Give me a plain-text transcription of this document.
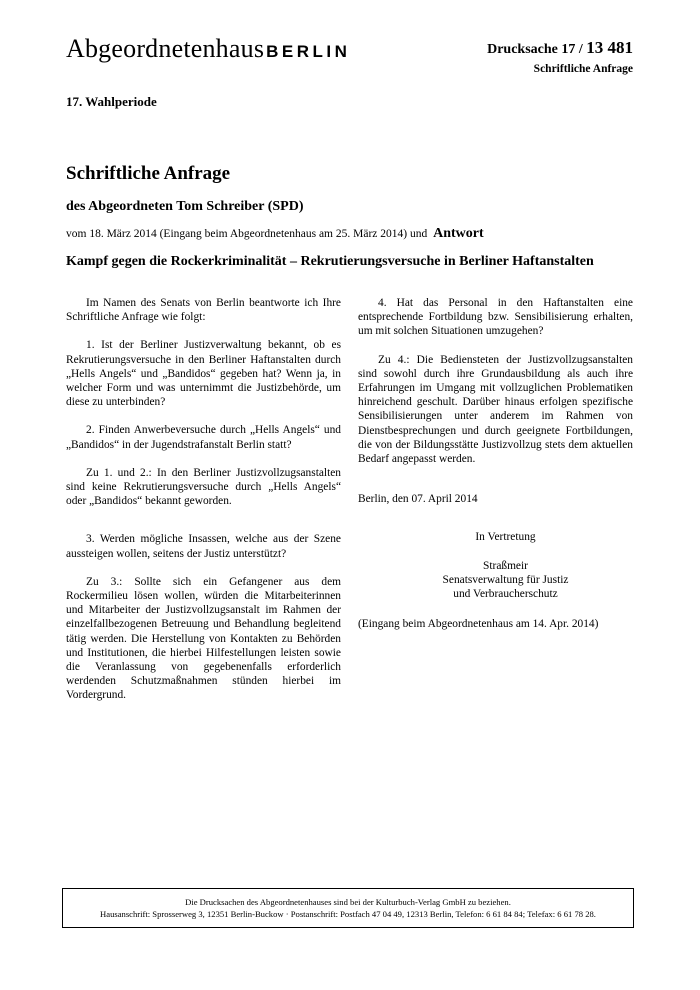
Abgeordnetenhaus BERLIN	Drucksache 17 / 13 481
Schriftliche Anfrage
17. Wahlperiode
Schriftliche Anfrage
des Abgeordneten Tom Schreiber (SPD)
vom 18. März 2014 (Eingang beim Abgeordnetenhaus am 25. März 2014) und Antwort
Kampf gegen die Rockerkriminalität – Rekrutierungsversuche in Berliner Haftanstalten

Im Namen des Senats von Berlin beantworte ich Ihre Schriftliche Anfrage wie folgt:

1. Ist der Berliner Justizverwaltung bekannt, ob es Rekrutierungsversuche in den Berliner Haftanstalten durch „Hells Angels“ und „Bandidos“ gegeben hat? Wenn ja, in welcher Form und was unternimmt die Justizbehörde, um diese zu unterbinden?

2. Finden Anwerbeversuche durch „Hells Angels“ und „Bandidos“ in der Jugendstrafanstalt Berlin statt?

Zu 1. und 2.: In den Berliner Justizvollzugsanstalten sind keine Rekrutierungsversuche durch „Hells Angels“ oder „Bandidos“ bekannt geworden.

3. Werden mögliche Insassen, welche aus der Szene aussteigen wollen, seitens der Justiz unterstützt?

Zu 3.: Sollte sich ein Gefangener aus dem Rockermilieu lösen wollen, würden die Mitarbeiterinnen und Mitarbeiter der Justizvollzugsanstalt im Rahmen der einzelfallbezogenen Betreuung und Behandlung begleitend tätig werden. Die Herstellung von Kontakten zu Behörden und Institutionen, die hierbei Hilfestellungen leisten sowie die Veranlassung von gegebenenfalls erforderlich werdenden Schutzmaßnahmen stünden hierbei im Vordergrund.

4. Hat das Personal in den Haftanstalten eine entsprechende Fortbildung bzw. Sensibilisierung erhalten, um mit solchen Situationen umzugehen?

Zu 4.: Die Bediensteten der Justizvollzugsanstalten sind sowohl durch ihre Grundausbildung als auch ihre Erfahrungen im Umgang mit vollzuglichen Problematiken hinreichend geschult. Darüber hinaus erfolgen spezifische Sensibilisierungen unter anderem im Rahmen von Dienstbesprechungen und durch geeignete Fortbildungen, die von der Bildungsstätte Justizvollzug stets dem aktuellen Bedarf angepasst werden.

Berlin, den 07. April 2014

In Vertretung

Straßmeir

Senatsverwaltung für Justiz

und Verbraucherschutz

(Eingang beim Abgeordnetenhaus am 14. Apr. 2014)

Die Drucksachen des Abgeordnetenhauses sind bei der Kulturbuch-Verlag GmbH zu beziehen.
Hausanschrift: Sprosserweg 3, 12351 Berlin-Buckow · Postanschrift: Postfach 47 04 49, 12313 Berlin, Telefon: 6 61 84 84; Telefax: 6 61 78 28.
